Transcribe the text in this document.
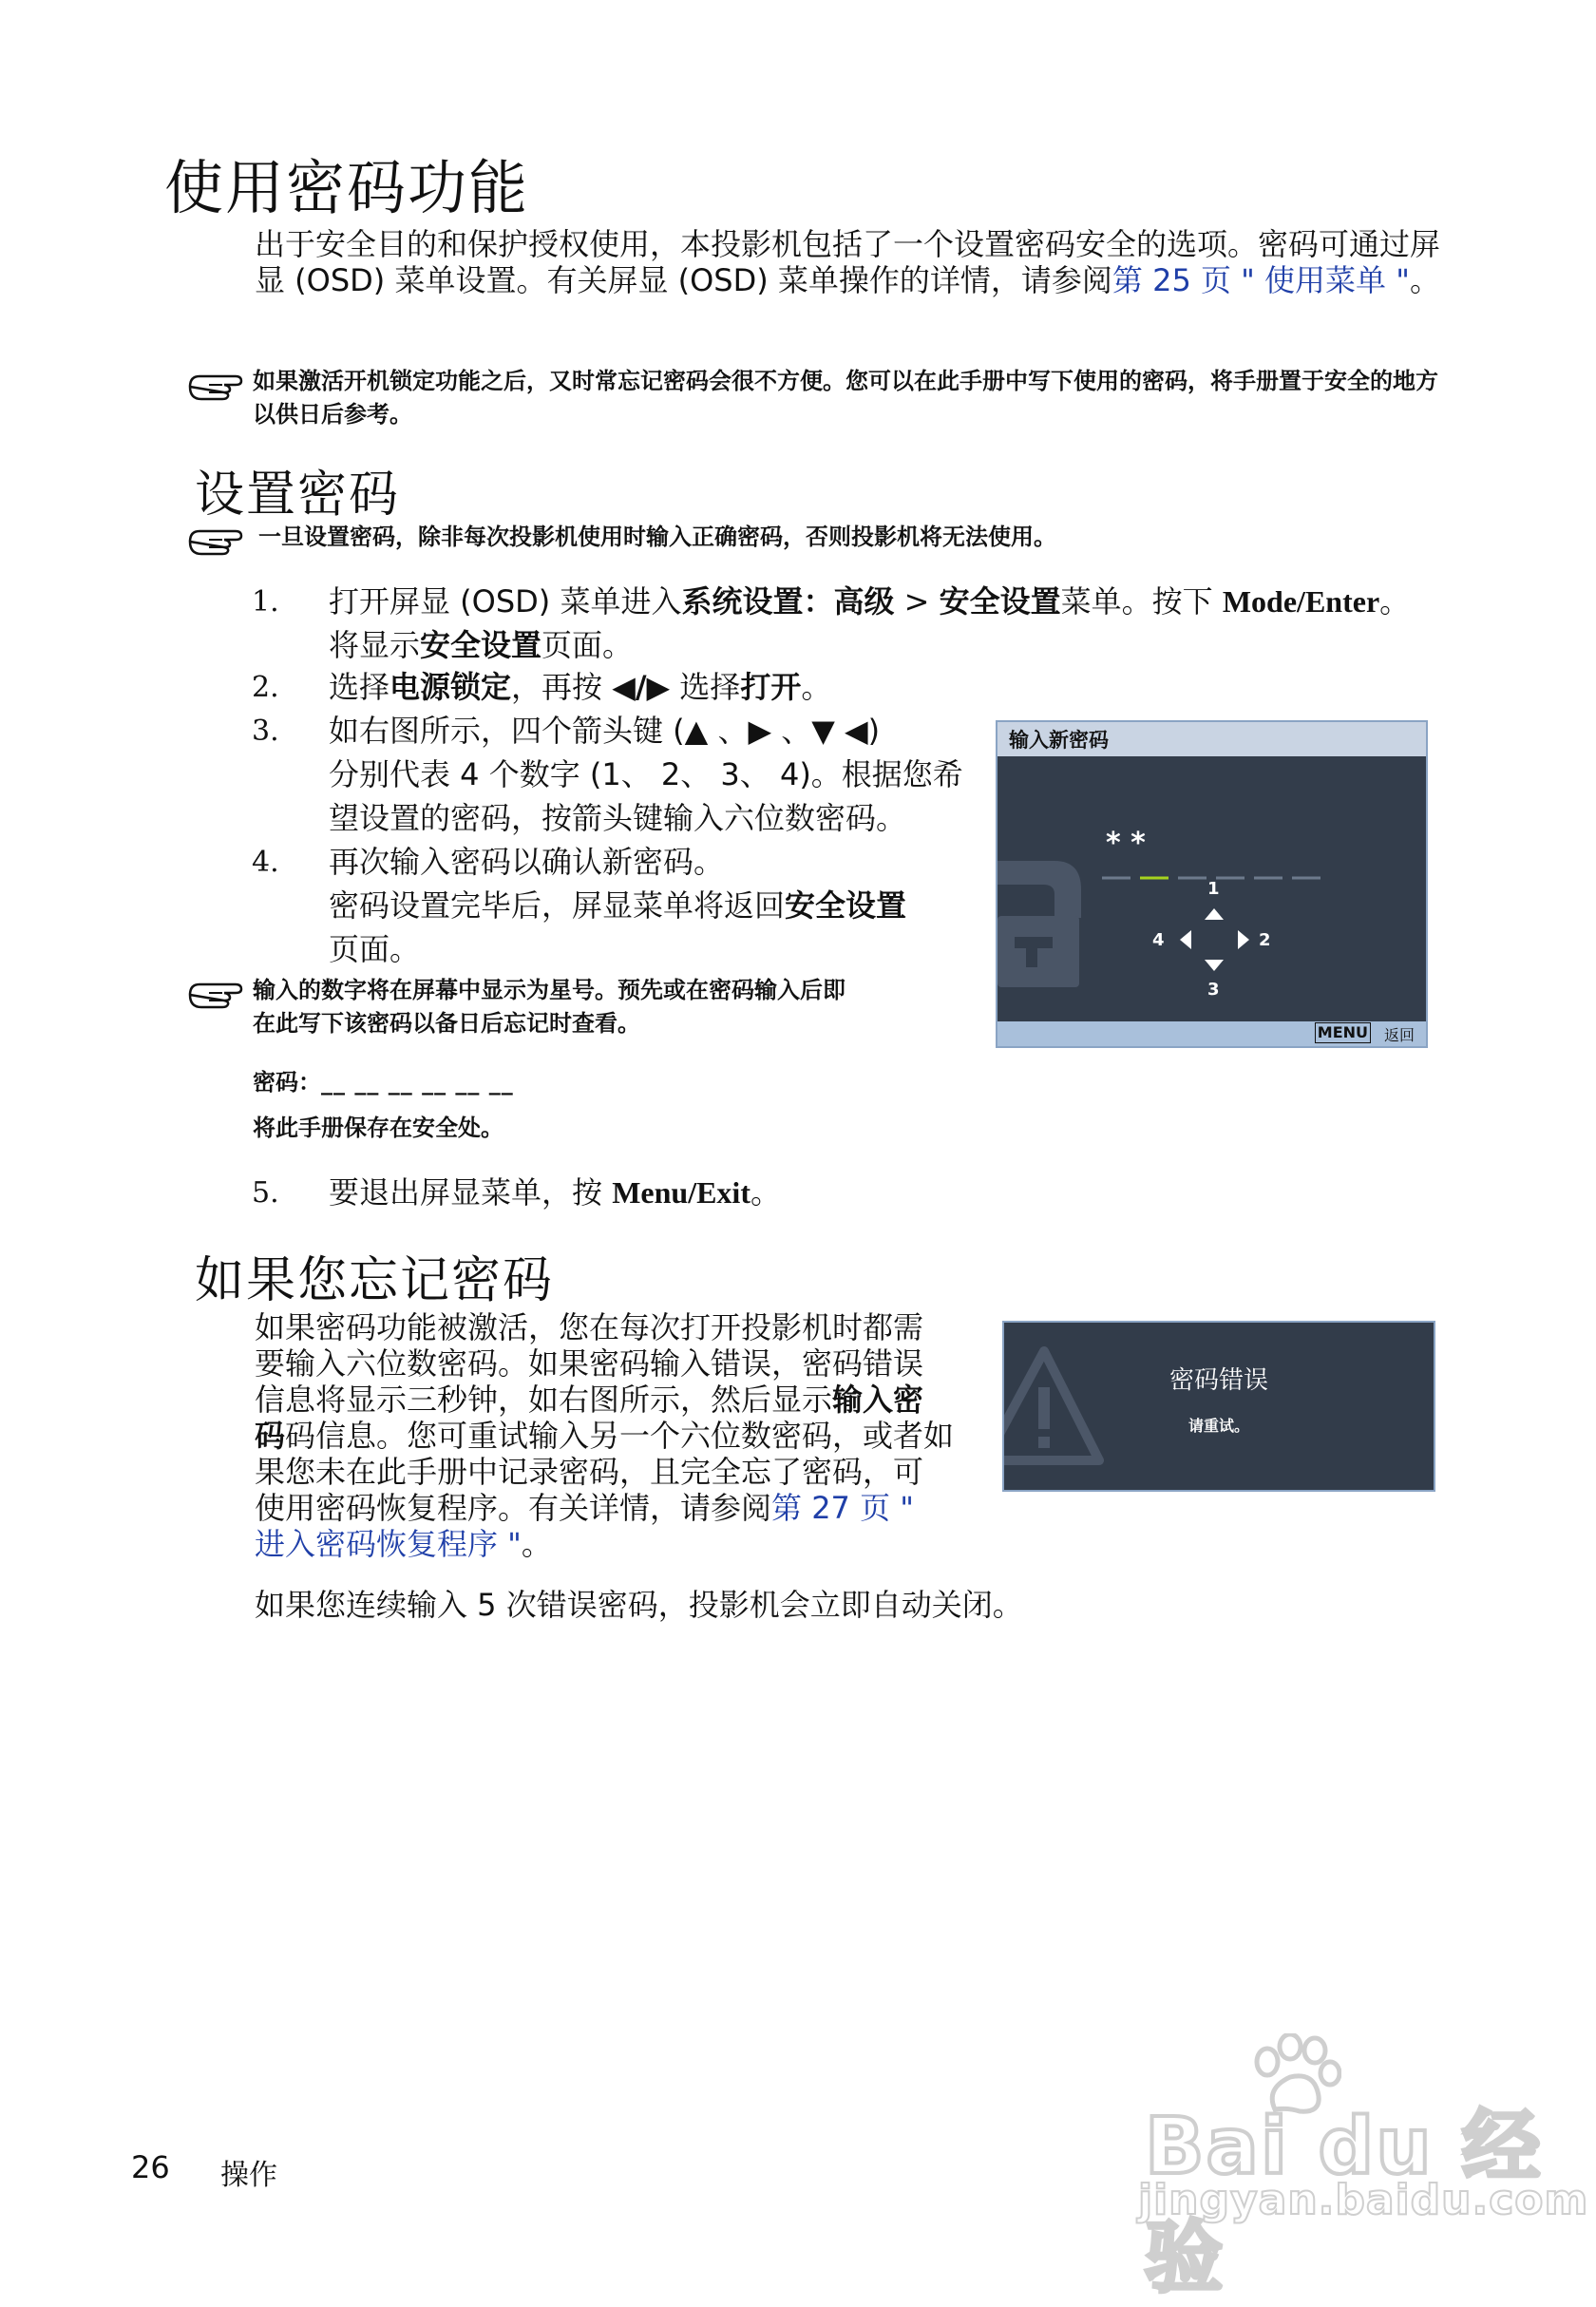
使用密码功能
出于安全目的和保护授权使用，本投影机包括了一个设置密码安全的选项。密码可通过屏显 (OSD) 菜单设置。有关屏显 (OSD) 菜单操作的详情，请参阅第 25 页 " 使用菜单 "。
如果激活开机锁定功能之后，又时常忘记密码会很不方便。您可以在此手册中写下使用的密码，将手册置于安全的地方以供日后参考。
设置密码
一旦设置密码，除非每次投影机使用时输入正确密码，否则投影机将无法使用。
1. 打开屏显 (OSD) 菜单进入系统设置：高级 > 安全设置菜单。按下 Mode/Enter。
将显示安全设置页面。
2. 选择电源锁定，再按 ◀/▶ 选择打开。
3. 如右图所示，四个箭头键 (▲ 、▶ 、▼ ◀)
分别代表 4 个数字 (1、 2、 3、 4)。根据您希
望设置的密码，按箭头键输入六位数密码。
4. 再次输入密码以确认新密码。
密码设置完毕后，屏显菜单将返回安全设置
页面。
输入的数字将在屏幕中显示为星号。预先或在密码输入后即
在此写下该密码以备日后忘记时查看。
密码：__ __ __ __ __ __
将此手册保存在安全处。
5. 要退出屏显菜单，按 Menu/Exit。
输入新密码
* *
1
2
3
4
MENU 返回
如果您忘记密码
如果密码功能被激活，您在每次打开投影机时都需
要输入六位数密码。如果密码输入错误，密码错误
信息将显示三秒钟，如右图所示，然后显示输入密
码码信息。您可重试输入另一个六位数密码，或者如
果您未在此手册中记录密码，且完全忘了密码，可
使用密码恢复程序。有关详情，请参阅第 27 页 "
进入密码恢复程序 "。
如果您连续输入 5 次错误密码，投影机会立即自动关闭。
密码错误
请重试。
26 操作	Bai du 经验
jingyan.baidu.com
